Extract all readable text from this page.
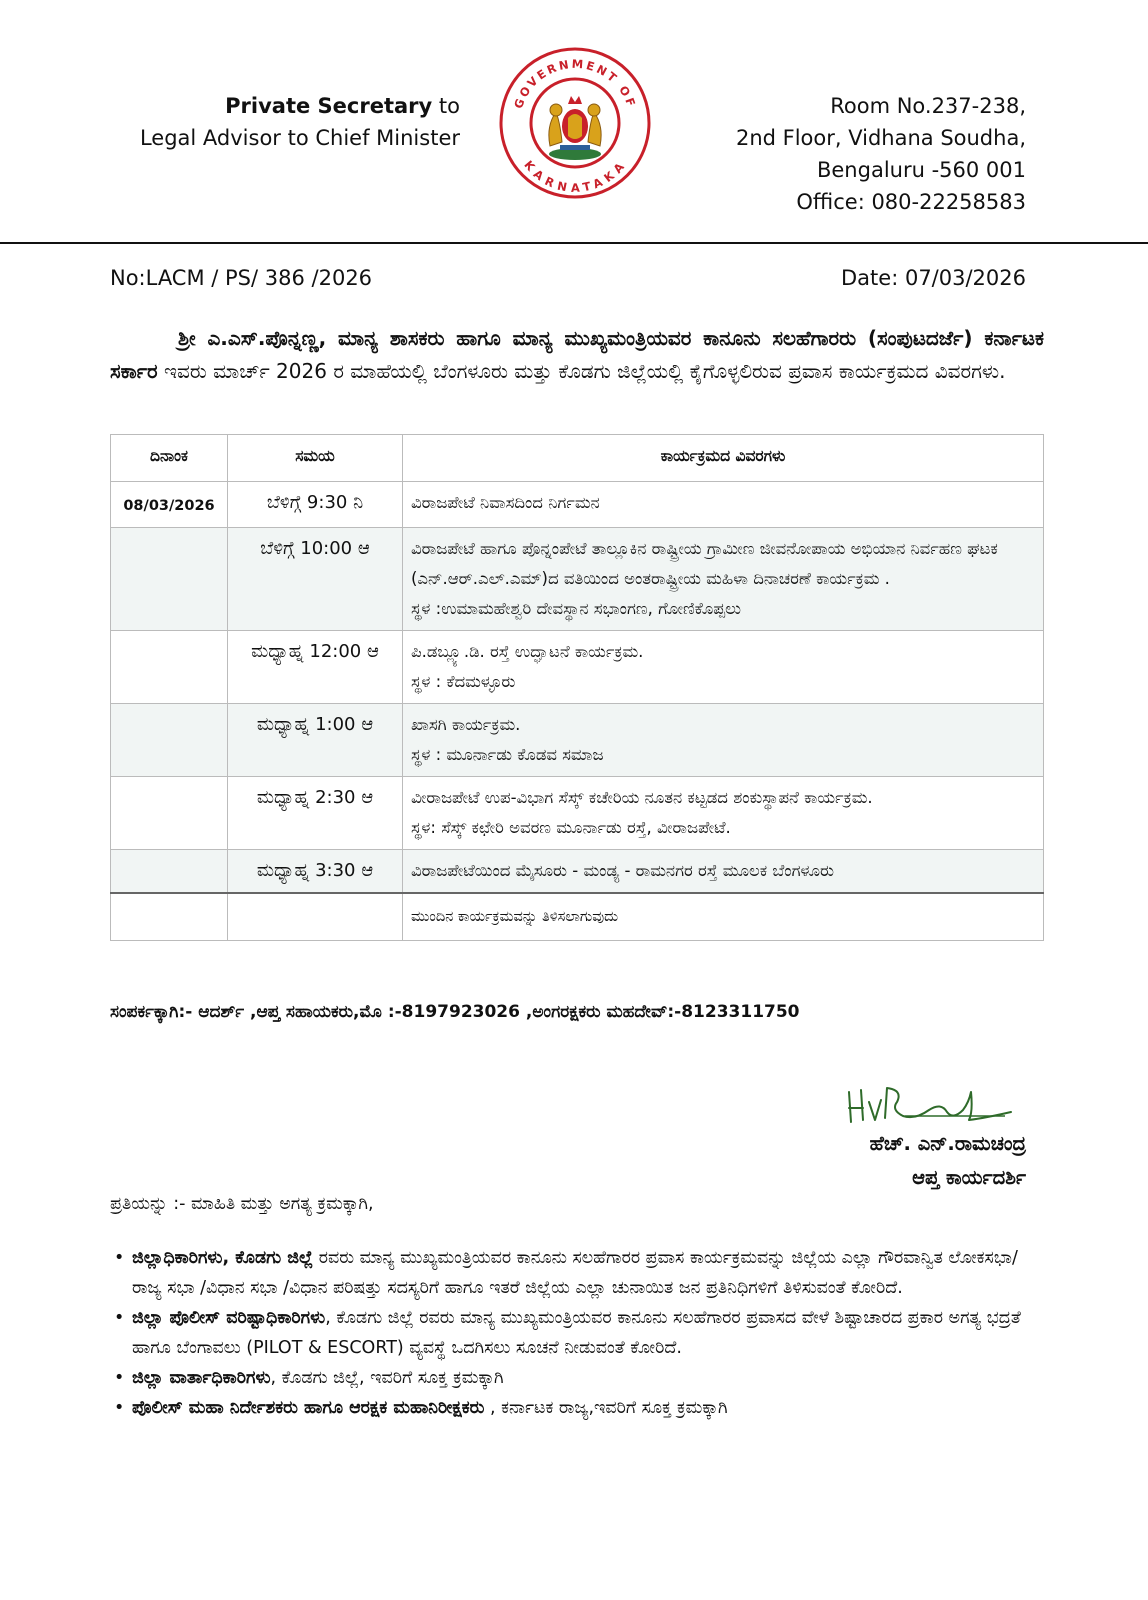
Private Secretary to
Legal Advisor to Chief Minister
GOVERNMENT OF
KARNATAKA
Room No.237-238,
2nd Floor, Vidhana Soudha,
Bengaluru -560 001
Office: 080-22258583
No:LACM / PS/ 386 /2026	Date: 07/03/2026
ಶ್ರೀ ಎ.ಎಸ್.ಪೊನ್ನಣ್ಣ, ಮಾನ್ಯ ಶಾಸಕರು ಹಾಗೂ ಮಾನ್ಯ ಮುಖ್ಯಮಂತ್ರಿಯವರ ಕಾನೂನು ಸಲಹೆಗಾರರು (ಸಂಪುಟದರ್ಜೆ) ಕರ್ನಾಟಕ ಸರ್ಕಾರ ಇವರು ಮಾರ್ಚ್ 2026 ರ ಮಾಹೆಯಲ್ಲಿ ಬೆಂಗಳೂರು ಮತ್ತು ಕೊಡಗು ಜಿಲ್ಲೆಯಲ್ಲಿ ಕೈಗೊಳ್ಳಲಿರುವ ಪ್ರವಾಸ ಕಾರ್ಯಕ್ರಮದ ವಿವರಗಳು.
ದಿನಾಂಕ	ಸಮಯ	ಕಾರ್ಯಕ್ರಮದ ವಿವರಗಳು
08/03/2026	ಬೆಳಿಗ್ಗೆ 9:30 ನಿ	ವಿರಾಜಪೇಟೆ ನಿವಾಸದಿಂದ ನಿರ್ಗಮನ

	ಬೆಳಿಗ್ಗೆ 10:00 ಆ	ವಿರಾಜಪೇಟೆ ಹಾಗೂ ಪೊನ್ನಂಪೇಟೆ ತಾಲ್ಲೂಕಿನ ರಾಷ್ಟ್ರೀಯ ಗ್ರಾಮೀಣ ಜೀವನೋಪಾಯ ಅಭಿಯಾನ ನಿರ್ವಹಣ ಘಟಕ (ಎನ್.ಆರ್.ಎಲ್.ಎಮ್)ದ ವತಿಯಿಂದ ಅಂತರಾಷ್ಟ್ರೀಯ ಮಹಿಳಾ ದಿನಾಚರಣೆ ಕಾರ್ಯಕ್ರಮ .
ಸ್ಥಳ :ಉಮಾಮಹೇಶ್ವರಿ ದೇವಸ್ಥಾನ ಸಭಾಂಗಣ, ಗೋಣಿಕೊಪ್ಪಲು

	ಮಧ್ಯಾಹ್ನ 12:00 ಆ	ಪಿ.ಡಬ್ಲ್ಯೂ.ಡಿ. ರಸ್ತೆ ಉದ್ಘಾಟನೆ ಕಾರ್ಯಕ್ರಮ.
ಸ್ಥಳ : ಕೆದಮಳ್ಳೂರು

	ಮಧ್ಯಾಹ್ನ 1:00 ಆ	ಖಾಸಗಿ ಕಾರ್ಯಕ್ರಮ.
ಸ್ಥಳ : ಮೂರ್ನಾಡು ಕೊಡವ ಸಮಾಜ

	ಮಧ್ಯಾಹ್ನ 2:30 ಆ	ವೀರಾಜಪೇಟೆ ಉಪ-ವಿಭಾಗ ಸೆಸ್ಕ್ ಕಚೇರಿಯ ನೂತನ ಕಟ್ಟಡದ ಶಂಕುಸ್ಥಾಪನೆ ಕಾರ್ಯಕ್ರಮ.
ಸ್ಥಳ: ಸೆಸ್ಕ್ ಕಛೇರಿ ಅವರಣ ಮೂರ್ನಾಡು ರಸ್ತೆ, ವೀರಾಜಪೇಟೆ.

	ಮಧ್ಯಾಹ್ನ 3:30 ಆ	ವಿರಾಜಪೇಟೆಯಿಂದ ಮೈಸೂರು - ಮಂಡ್ಯ - ರಾಮನಗರ ರಸ್ತೆ ಮೂಲಕ ಬೆಂಗಳೂರು

		ಮುಂದಿನ ಕಾರ್ಯಕ್ರಮವನ್ನು ತಿಳಿಸಲಾಗುವುದು
ಸಂಪರ್ಕಕ್ಕಾಗಿ:- ಆದರ್ಶ್ ,ಆಪ್ತ ಸಹಾಯಕರು,ಮೊ :-8197923026 ,ಅಂಗರಕ್ಷಕರು ಮಹದೇವ್:-8123311750
ಹೆಚ್. ಎನ್.ರಾಮಚಂದ್ರ
ಆಪ್ತ ಕಾರ್ಯದರ್ಶಿ
ಪ್ರತಿಯನ್ನು :- ಮಾಹಿತಿ ಮತ್ತು ಅಗತ್ಯ ಕ್ರಮಕ್ಕಾಗಿ,
• ಜಿಲ್ಲಾಧಿಕಾರಿಗಳು, ಕೊಡಗು ಜಿಲ್ಲೆ ರವರು ಮಾನ್ಯ ಮುಖ್ಯಮಂತ್ರಿಯವರ ಕಾನೂನು ಸಲಹೆಗಾರರ ಪ್ರವಾಸ ಕಾರ್ಯಕ್ರಮವನ್ನು ಜಿಲ್ಲೆಯ ಎಲ್ಲಾ ಗೌರವಾನ್ವಿತ ಲೋಕಸಭಾ/ರಾಜ್ಯ ಸಭಾ /ವಿಧಾನ ಸಭಾ /ವಿಧಾನ ಪರಿಷತ್ತು ಸದಸ್ಯರಿಗೆ ಹಾಗೂ ಇತರೆ ಜಿಲ್ಲೆಯ ಎಲ್ಲಾ ಚುನಾಯಿತ ಜನ ಪ್ರತಿನಿಧಿಗಳಿಗೆ ತಿಳಿಸುವಂತೆ ಕೋರಿದೆ.
• ಜಿಲ್ಲಾ ಪೊಲೀಸ್ ವರಿಷ್ಟಾಧಿಕಾರಿಗಳು, ಕೊಡಗು ಜಿಲ್ಲೆ ರವರು ಮಾನ್ಯ ಮುಖ್ಯಮಂತ್ರಿಯವರ ಕಾನೂನು ಸಲಹೆಗಾರರ ಪ್ರವಾಸದ ವೇಳೆ ಶಿಷ್ಟಾಚಾರದ ಪ್ರಕಾರ ಅಗತ್ಯ ಭದ್ರತೆ ಹಾಗೂ ಬೆಂಗಾವಲು (PILOT & ESCORT) ವ್ಯವಸ್ಥೆ ಒದಗಿಸಲು ಸೂಚನೆ ನೀಡುವಂತೆ ಕೋರಿದೆ.
• ಜಿಲ್ಲಾ ವಾರ್ತಾಧಿಕಾರಿಗಳು, ಕೊಡಗು ಜಿಲ್ಲೆ, ಇವರಿಗೆ ಸೂಕ್ತ ಕ್ರಮಕ್ಕಾಗಿ
• ಪೊಲೀಸ್ ಮಹಾ ನಿರ್ದೇಶಕರು ಹಾಗೂ ಆರಕ್ಷಕ ಮಹಾನಿರೀಕ್ಷಕರು , ಕರ್ನಾಟಕ ರಾಜ್ಯ,ಇವರಿಗೆ ಸೂಕ್ತ ಕ್ರಮಕ್ಕಾಗಿ
